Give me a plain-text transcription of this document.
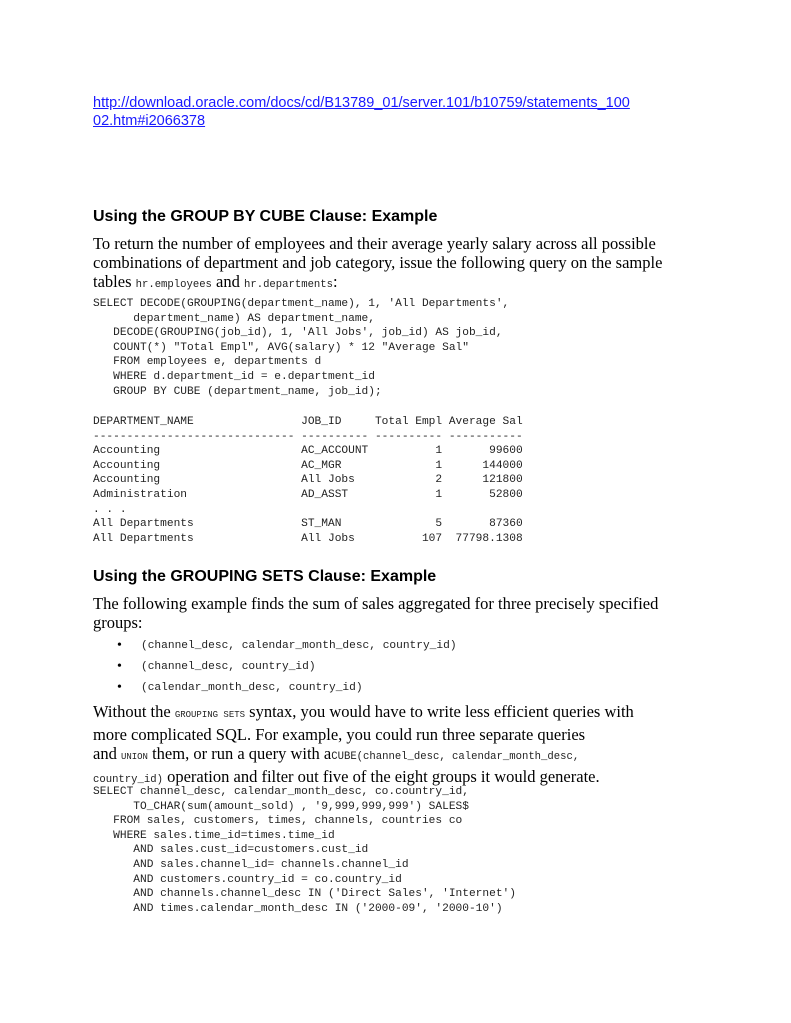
http://download.oracle.com/docs/cd/B13789_01/server.101/b10759/statements_100
02.htm#i2066378
Using the GROUP BY CUBE Clause: Example
To return the number of employees and their average yearly salary across all possible
combinations of department and job category, issue the following query on the sample
tables hr.employees and hr.departments:
SELECT DECODE(GROUPING(department_name), 1, 'All Departments',
department_name) AS department_name,
DECODE(GROUPING(job_id), 1, 'All Jobs', job_id) AS job_id,
COUNT(*) "Total Empl", AVG(salary) * 12 "Average Sal"
FROM employees e, departments d
WHERE d.department_id = e.department_id
GROUP BY CUBE (department_name, job_id);
DEPARTMENT_NAME                JOB_ID     Total Empl Average Sal
------------------------------ ---------- ---------- -----------
Accounting                     AC_ACCOUNT          1       99600
Accounting                     AC_MGR              1      144000
Accounting                     All Jobs            2      121800
Administration                 AD_ASST             1       52800
. . .
All Departments                ST_MAN              5       87360
All Departments                All Jobs          107  77798.1308
Using the GROUPING SETS Clause: Example
The following example finds the sum of sales aggregated for three precisely specified
groups:
• (channel_desc, calendar_month_desc, country_id)
• (channel_desc, country_id)
• (calendar_month_desc, country_id)
Without the GROUPING SETS syntax, you would have to write less efficient queries with
more complicated SQL. For example, you could run three separate queries
and UNION them, or run a query with aCUBE(channel_desc, calendar_month_desc,
country_id) operation and filter out five of the eight groups it would generate.
SELECT channel_desc, calendar_month_desc, co.country_id,
TO_CHAR(sum(amount_sold) , '9,999,999,999') SALES$
FROM sales, customers, times, channels, countries co
WHERE sales.time_id=times.time_id
AND sales.cust_id=customers.cust_id
AND sales.channel_id= channels.channel_id
AND customers.country_id = co.country_id
AND channels.channel_desc IN ('Direct Sales', 'Internet')
AND times.calendar_month_desc IN ('2000-09', '2000-10')
